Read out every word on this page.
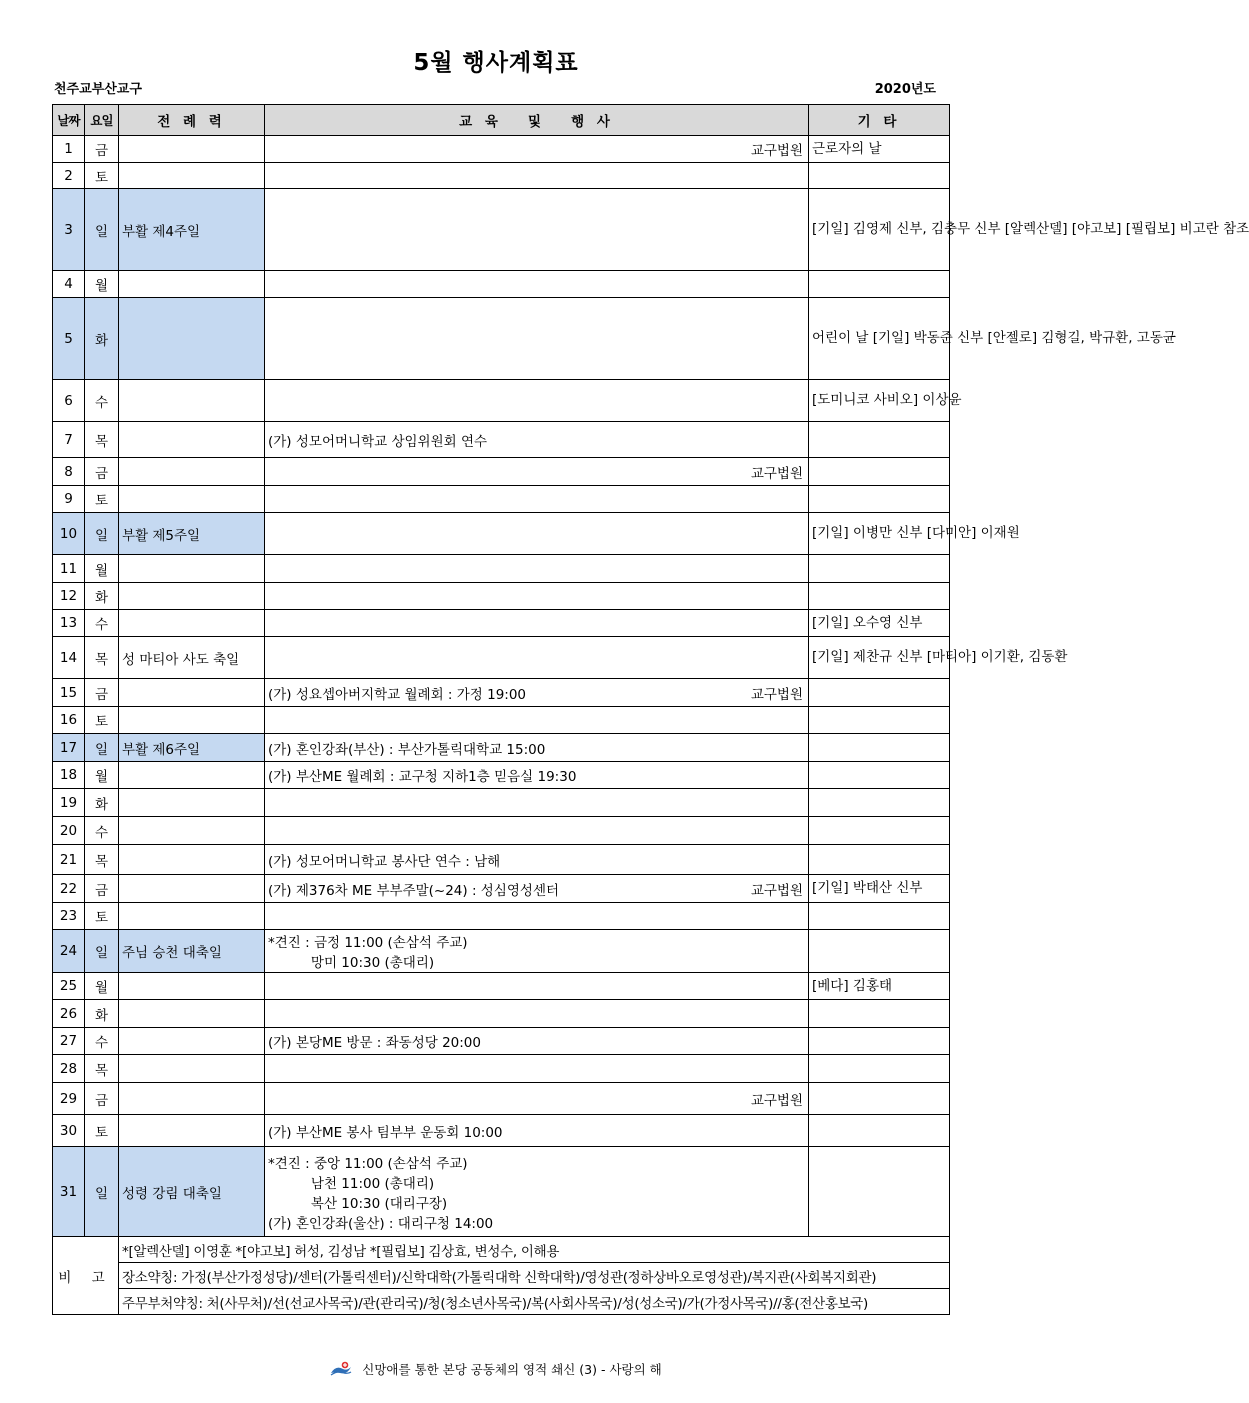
5월 행사계획표
천주교부산교구	2020년도
날짜	요일	전 례 력	교 육   및   행 사	기 타
1	금		교구법원	근로자의 날
2	토		

3	일	부활 제4주일		[기일] 김영제 신부, 김충무 신부 [알렉산델] [야고보] [필립보] 비고란 참조
4	월		

5	화			어린이 날 [기일] 박동준 신부 [안젤로] 김형길, 박규환, 고동균
6	수			[도미니코 사비오] 이상윤
7	목		(가) 성모어머니학교 상임위원회 연수	

8	금		교구법원	

9	토		

10	일	부활 제5주일		[기일] 이병만 신부 [다미안] 이재원
11	월		

12	화		

13	수			[기일] 오수영 신부
14	목	성 마티아 사도 축일		[기일] 제찬규 신부 [마티아] 이기환, 김동환
15	금		(가) 성요셉아버지학교 월례회 : 가정 19:00 교구법원	

16	토		

17	일	부활 제6주일	(가) 혼인강좌(부산) : 부산가톨릭대학교 15:00	

18	월		(가) 부산ME 월례회 : 교구청 지하1층 믿음실 19:30	

19	화		

20	수		

21	목		(가) 성모어머니학교 봉사단 연수 : 남해	

22	금		(가) 제376차 ME 부부주말(~24) : 성심영성센터 교구법원	[기일] 박태산 신부
23	토		

24	일	주님 승천 대축일	*견진 : 금정 11:00 (손삼석 주교)
망미 10:30 (총대리)	

25	월			[베다] 김홍태
26	화		

27	수		(가) 본당ME 방문 : 좌동성당 20:00	

28	목		

29	금		교구법원	

30	토		(가) 부산ME 봉사 팀부부 운동회 10:00	

31	일	성령 강림 대축일	*견진 : 중앙 11:00 (손삼석 주교)
남천 11:00 (총대리)
복산 10:30 (대리구장)
(가) 혼인강좌(울산) : 대리구청 14:00	

비 고		*[알렉산델] 이영훈 *[야고보] 허성, 김성남 *[필립보] 김상효, 변성수, 이해용		
		장소약칭: 가정(부산가정성당)/센터(가톨릭센터)/신학대학(가톨릭대학 신학대학)/영성관(정하상바오로영성관)/복지관(사회복지회관)		
		주무부처약칭: 처(사무처)/선(선교사목국)/관(관리국)/청(청소년사목국)/복(사회사목국)/성(성소국)/가(가정사목국)//홍(전산홍보국)		
신망애를 통한 본당 공동체의 영적 쇄신 (3) - 사랑의 해
